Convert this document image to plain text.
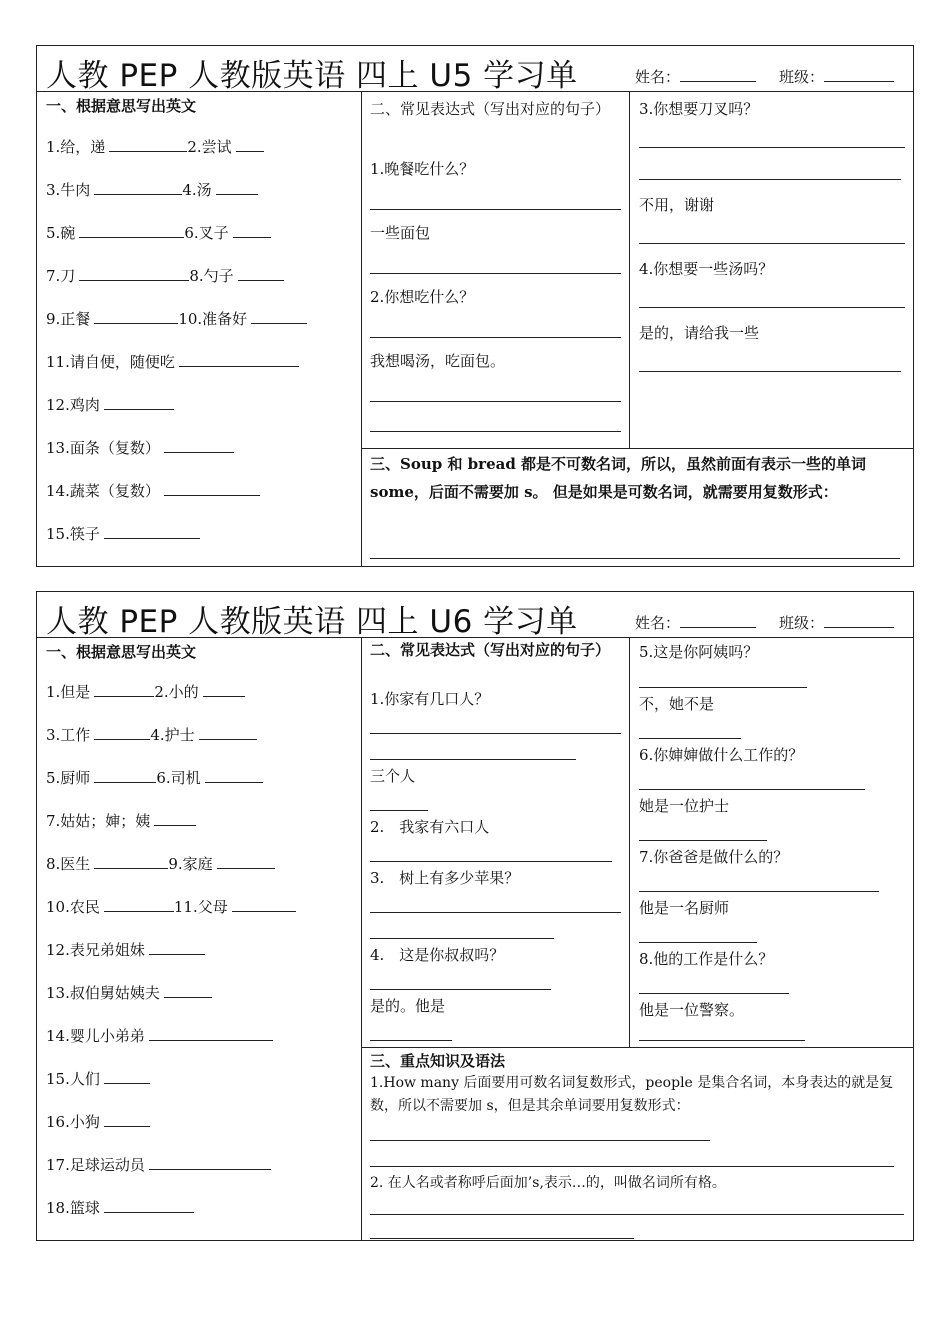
人教 PEP 人教版英语 四上 U5 学习单	姓名：	班级：
一、根据意思写出英文
1.给，递	2.尝试
3.牛肉	4.汤
5.碗	6.叉子
7.刀	8.勺子
9.正餐	10.准备好
11.请自便，随便吃
12.鸡肉
13.面条（复数）
14.蔬菜（复数）
15.筷子
二、常见表达式（写出对应的句子）
1.晚餐吃什么？
一些面包
2.你想吃什么？
我想喝汤，吃面包。
3.你想要刀叉吗？
不用，谢谢
4.你想要一些汤吗？
是的，请给我一些
三、Soup 和 bread 都是不可数名词，所以，虽然前面有表示一些的单词 some，后面不需要加 s。 但是如果是可数名词，就需要用复数形式：
人教 PEP 人教版英语 四上 U6 学习单	姓名：	班级：
一、根据意思写出英文
1.但是	2.小的
3.工作	4.护士
5.厨师	6.司机
7.姑姑；婶；姨
8.医生	9.家庭
10.农民	11.父母
12.表兄弟姐妹
13.叔伯舅姑姨夫
14.婴儿小弟弟
15.人们
16.小狗
17.足球运动员
18.篮球
二、常见表达式（写出对应的句子）
1.你家有几口人？
三个人
2.　我家有六口人
3.　树上有多少苹果？
4.　这是你叔叔吗？
是的。他是
5.这是你阿姨吗？
不，她不是
6.你婶婶做什么工作的？
她是一位护士
7.你爸爸是做什么的？
他是一名厨师
8.他的工作是什么？
他是一位警察。
三、重点知识及语法
1.How many 后面要用可数名词复数形式，people 是集合名词，本身表达的就是复数，所以不需要加 s，但是其余单词要用复数形式：
2. 在人名或者称呼后面加’s,表示…的，叫做名词所有格。
